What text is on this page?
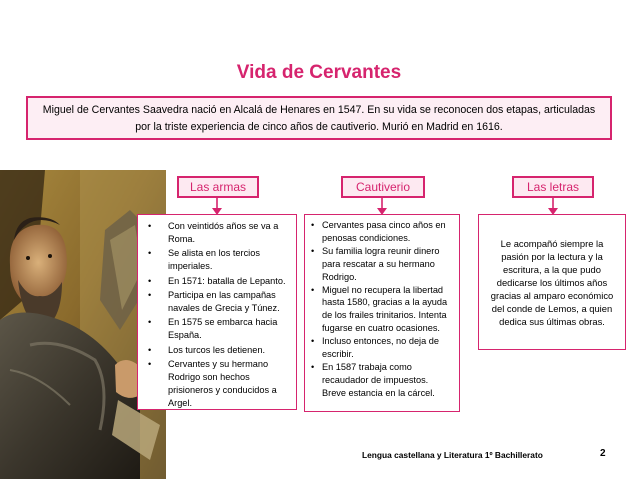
Vida de Cervantes
Miguel de Cervantes Saavedra nació en Alcalá de Henares en 1547. En su vida se reconocen dos etapas, articuladas
por la triste experiencia de cinco años de cautiverio. Murió en Madrid en 1616.
Las armas	Cautiverio	Las letras
• Con veintidós años se va a Roma.
• Se alista en los tercios imperiales.
• En 1571: batalla de Lepanto.
• Participa en las campañas navales de Grecia y Túnez.
• En 1575 se embarca hacia España.
• Los turcos les detienen.
• Cervantes y su hermano Rodrigo son hechos prisioneros y conducidos a Argel.
• Cervantes pasa cinco años en penosas condiciones.
• Su familia logra reunir dinero para rescatar a su hermano Rodrigo.
• Miguel no recupera la libertad hasta 1580, gracias a la ayuda de los frailes trinitarios. Intenta fugarse en cuatro ocasiones.
• Incluso entonces, no deja de escribir.
• En 1587 trabaja como recaudador de impuestos. Breve estancia en la cárcel.
Le acompañó siempre la pasión por la lectura y la escritura, a la que pudo dedicarse los últimos años gracias al amparo económico del conde de Lemos, a quien dedica sus últimas obras.
Lengua castellana y Literatura 1º Bachillerato	2
